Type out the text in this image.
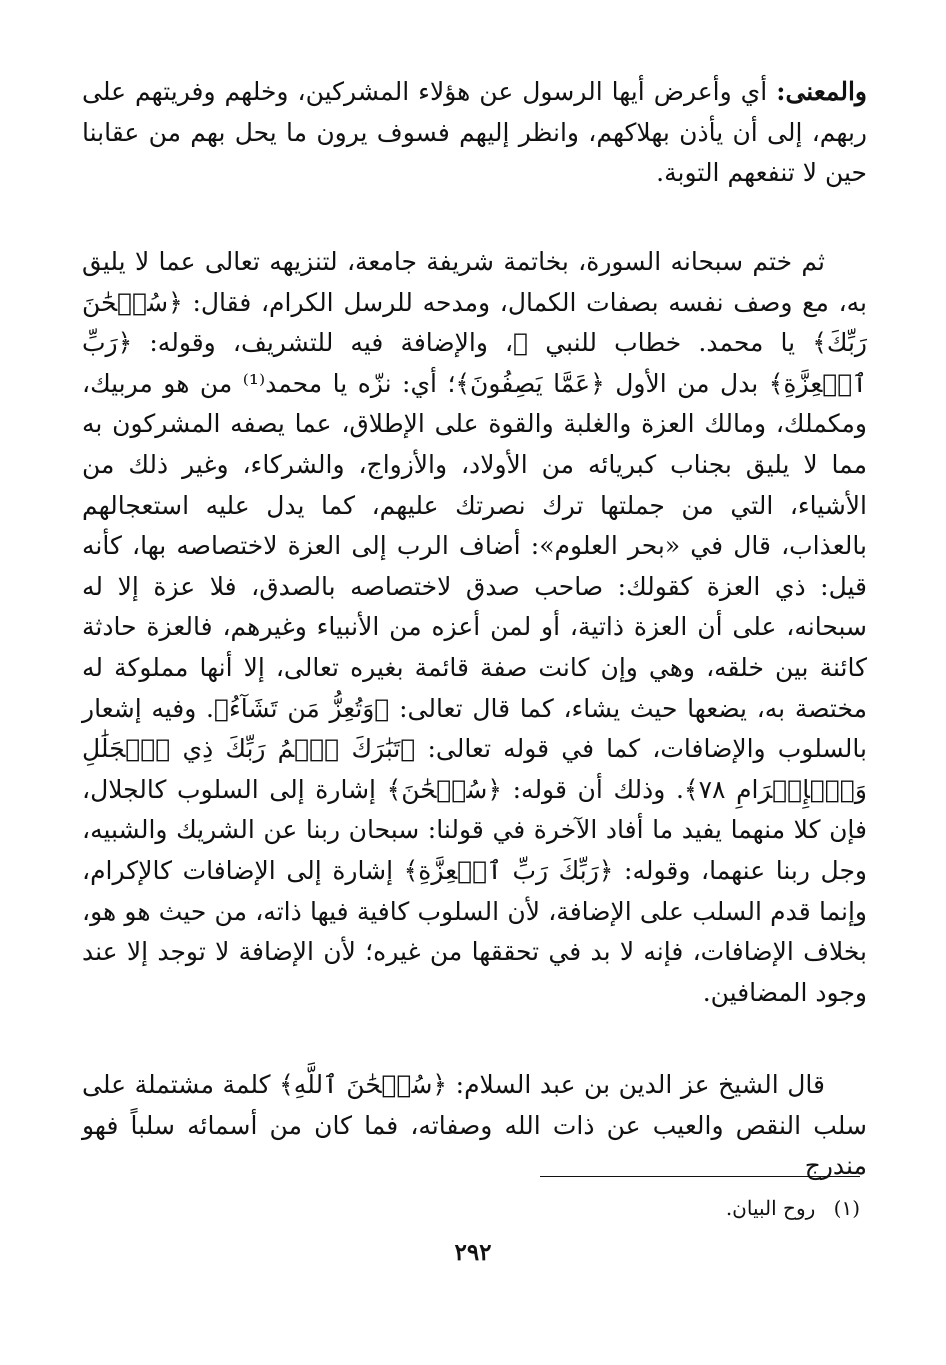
والمعنى: أي وأعرض أيها الرسول عن هؤلاء المشركين، وخلهم وفريتهم على ربهم، إلى أن يأذن بهلاكهم، وانظر إليهم فسوف يرون ما يحل بهم من عقابنا حين لا تنفعهم التوبة.
ثم ختم سبحانه السورة، بخاتمة شريفة جامعة، لتنزيهه تعالى عما لا يليق به، مع وصف نفسه بصفات الكمال، ومدحه للرسل الكرام، فقال: ﴿سُبۡحَٰنَ رَبِّكَ﴾ يا محمد. خطاب للنبي ﷺ، والإضافة فيه للتشريف، وقوله: ﴿رَبِّ ٱلۡعِزَّةِ﴾ بدل من الأول ﴿عَمَّا يَصِفُونَ﴾؛ أي: نزّه يا محمد⁽¹⁾ من هو مربيك، ومكملك، ومالك العزة والغلبة والقوة على الإطلاق، عما يصفه المشركون به مما لا يليق بجناب كبريائه من الأولاد، والأزواج، والشركاء، وغير ذلك من الأشياء، التي من جملتها ترك نصرتك عليهم، كما يدل عليه استعجالهم بالعذاب، قال في «بحر العلوم»: أضاف الرب إلى العزة لاختصاصه بها، كأنه قيل: ذي العزة كقولك: صاحب صدق لاختصاصه بالصدق، فلا عزة إلا له سبحانه، على أن العزة ذاتية، أو لمن أعزه من الأنبياء وغيرهم، فالعزة حادثة كائنة بين خلقه، وهي وإن كانت صفة قائمة بغيره تعالى، إلا أنها مملوكة له مختصة به، يضعها حيث يشاء، كما قال تعالى: ﴿وَتُعِزُّ مَن تَشَآءُ﴾. وفيه إشعار بالسلوب والإضافات، كما في قوله تعالى: ﴿تَبَٰرَكَ ٱسۡمُ رَبِّكَ ذِي ٱلۡجَلَٰلِ وَٱلۡإِكۡرَامِ ٧٨﴾. وذلك أن قوله: ﴿سُبۡحَٰنَ﴾ إشارة إلى السلوب كالجلال، فإن كلا منهما يفيد ما أفاد الآخرة في قولنا: سبحان ربنا عن الشريك والشبيه، وجل ربنا عنهما، وقوله: ﴿رَبِّكَ رَبِّ ٱلۡعِزَّةِ﴾ إشارة إلى الإضافات كالإكرام، وإنما قدم السلب على الإضافة، لأن السلوب كافية فيها ذاته، من حيث هو هو، بخلاف الإضافات، فإنه لا بد في تحققها من غيره؛ لأن الإضافة لا توجد إلا عند وجود المضافين.
قال الشيخ عز الدين بن عبد السلام: ﴿سُبۡحَٰنَ ٱللَّهِ﴾ كلمة مشتملة على سلب النقص والعيب عن ذات الله وصفاته، فما كان من أسمائه سلباً فهو مندرج
(١) روح البيان.
٢٩٢
